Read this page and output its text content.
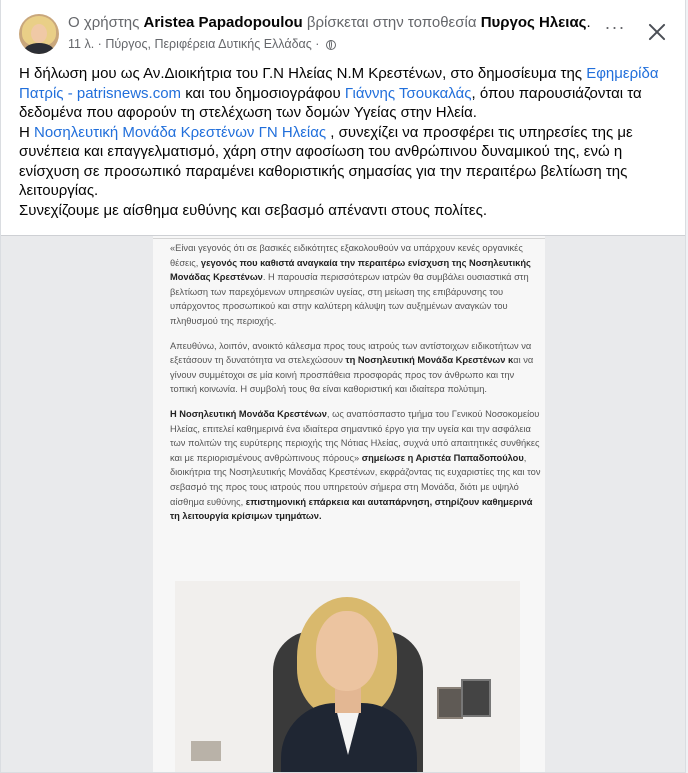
Ο χρήστης Aristea Papadopoulou βρίσκεται στην τοποθεσία Πυργος Ηλειας.
11 λ. · Πύργος, Περιφέρεια Δυτικής Ελλάδας ·
···

Η δήλωση μου ως Αν.Διοικήτρια του Γ.Ν Ηλείας Ν.Μ Κρεστένων, στο δημοσίευμα της Εφημερίδα Πατρίς - patrisnews.com και του δημοσιογράφου Γιάννης Τσουκαλάς, όπου παρουσιάζονται τα δεδομένα που αφορούν τη στελέχωση των δομών Υγείας στην Ηλεία.

Η Νοσηλευτική Μονάδα Κρεστένων ΓΝ Ηλείας , συνεχίζει να προσφέρει τις υπηρεσίες της με συνέπεια και επαγγελματισμό, χάρη στην αφοσίωση του ανθρώπινου δυναμικού της, ενώ η ενίσχυση σε προσωπικό παραμένει καθοριστικής σημασίας για την περαιτέρω βελτίωση της λειτουργίας.

Συνεχίζουμε με αίσθημα ευθύνης και σεβασμό απέναντι στους πολίτες.

«Είναι γεγονός ότι σε βασικές ειδικότητες εξακολουθούν να υπάρχουν κενές οργανικές θέσεις, γεγονός που καθιστά αναγκαία την περαιτέρω ενίσχυση της Νοσηλευτικής Μονάδας Κρεστένων. Η παρουσία περισσότερων ιατρών θα συμβάλει ουσιαστικά στη βελτίωση των παρεχόμενων υπηρεσιών υγείας, στη μείωση της επιβάρυνσης του υπάρχοντος προσωπικού και στην καλύτερη κάλυψη των αυξημένων αναγκών του πληθυσμού της περιοχής.

Απευθύνω, λοιπόν, ανοικτό κάλεσμα προς τους ιατρούς των αντίστοιχων ειδικοτήτων να εξετάσουν τη δυνατότητα να στελεχώσουν τη Νοσηλευτική Μονάδα Κρεστένων και να γίνουν συμμέτοχοι σε μία κοινή προσπάθεια προσφοράς προς τον άνθρωπο και την τοπική κοινωνία. Η συμβολή τους θα είναι καθοριστική και ιδιαίτερα πολύτιμη.

Η Νοσηλευτική Μονάδα Κρεστένων, ως αναπόσπαστο τμήμα του Γενικού Νοσοκομείου Ηλείας, επιτελεί καθημερινά ένα ιδιαίτερα σημαντικό έργο για την υγεία και την ασφάλεια των πολιτών της ευρύτερης περιοχής της Νότιας Ηλείας, συχνά υπό απαιτητικές συνθήκες και με περιορισμένους ανθρώπινους πόρους» σημείωσε η Αριστέα Παπαδοπούλου, διοικήτρια της Νοσηλευτικής Μονάδας Κρεστένων, εκφράζοντας τις ευχαριστίες της και τον σεβασμό της προς τους ιατρούς που υπηρετούν σήμερα στη Μονάδα, διότι με υψηλό αίσθημα ευθύνης, επιστημονική επάρκεια και αυταπάρνηση, στηρίζουν καθημερινά τη λειτουργία κρίσιμων τμημάτων.
